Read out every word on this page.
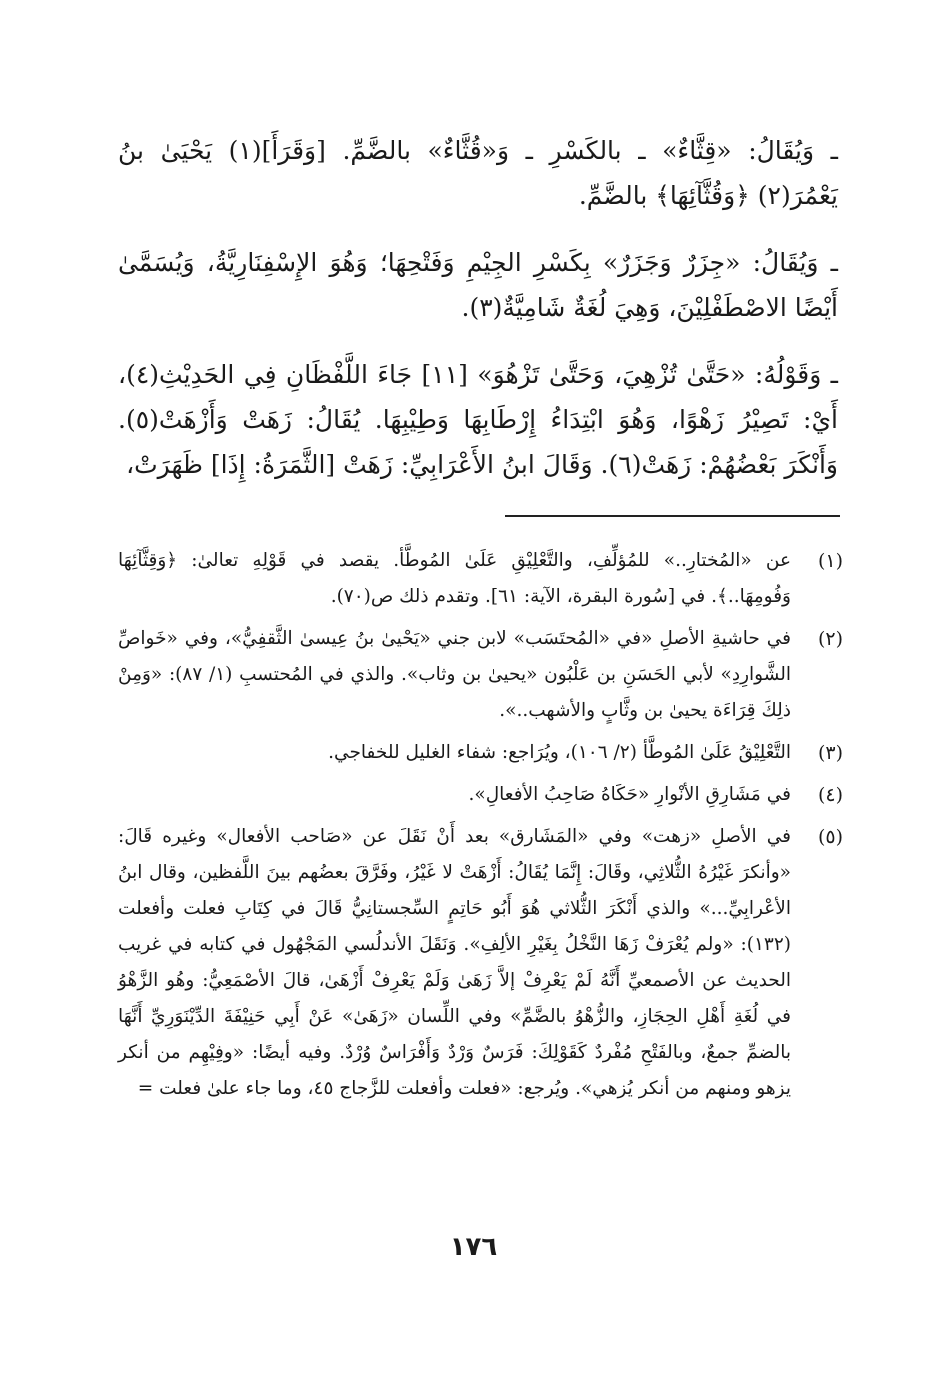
ـ وَيُقَالُ: «قِثَّاءٌ» ـ بالكَسْرِ ـ وَ«قُثَّاءٌ» بالضَّمِّ. [وَقَرَأَ](١) يَحْيَىٰ بنُ يَعْمُرَ(٢) ﴿وَقُثَّآئِهَا﴾ بالضَّمِّ.

ـ وَيُقَالُ: «جِزَرٌ وَجَزَرٌ» بِكَسْرِ الجِيْمِ وَفَتْحِهَا؛ وَهُوَ الإِسْفِنَارِيَّةُ، وَيُسَمَّىٰ أَيْضًا الاصْطَفْلِيْنَ، وَهِيَ لُغَةٌ شَامِيَّةٌ(٣).

ـ وَقَوْلُهُ: «حَتَّىٰ تُزْهِيَ، وَحَتَّىٰ تَزْهُوَ» [١١] جَاءَ اللَّفْظَانِ فِي الحَدِيْثِ(٤)، أَيْ: تَصِيْرُ زَهْوًا، وَهُوَ ابْتِدَاءُ إِرْطَابِهَا وَطِيْبِهَا. يُقَالُ: زَهَتْ وَأَزْهَتْ(٥). وَأَنْكَرَ بَعْضُهُمْ: زَهَتْ(٦). وَقَالَ ابنُ الأَعْرَابِيِّ: زَهَتْ [الثَّمَرَةُ: إِذَا] ظَهَرَتْ،

(١)
عن «المُختارِ..» للمُؤلِّفِ، والتَّعْلِيْقِ عَلَىٰ المُوطَّأ. يقصد في قَوْلِهِ تعالىٰ: ﴿وَقِثَّآئِهَا وَفُومِهَا..﴾. في [سُورة البقرة، الآية: ٦١]. وتقدم ذلك ص(٧٠).
(٢)
في حاشيةِ الأصلِ «في «المُحتَسَب» لابن جني «يَحْيىٰ بنُ عِيسىٰ الثَّقفِيُّ»، وفي «خَواصِّ الشَّوارِدِ» لأبي الحَسَنِ بن عَلْبُون «يحيىٰ بن وثاب». والذي في المُحتسبِ (١/ ٨٧): «وَمِنْ ذلِكَ قِرَاءَة يحيىٰ بن وثَّابٍ والأشهب..».
(٣)
التَّعْلِيْقُ عَلَىٰ المُوطَّأ (٢/ ١٠٦)، ويُرَاجع: شفاء الغليل للخفاجي.
(٤)
في مَشَارِقِ الأنْوارِ «حَكَاهُ صَاحِبُ الأفعالِ».
(٥)
في الأصلِ «زهت» وفي «المَشَارق» بعد أَنْ نَقَلَ عن «صَاحب الأفعال» وغيره قَالَ: «وأنكرَ غَيْرُهُ الثُّلاثِي، وقَالَ: إِنَّمَا يُقَالُ: أَزْهَتْ لا غَيْرُ، وفَرَّقَ بعضُهم بينَ اللَّفظين، وقال ابنُ الأعْرابِيِّ...» والذي أَنْكَرَ الثُّلاثي هُوَ أَبُو حَاتِمٍ السِّجستانِيُّ قَالَ في كِتَابِ فعلت وأفعلت (١٣٢): «ولم يُعْرَفْ زَهَا النَّخْلُ بِغَيْرِ الألِفِ». وَنَقَلَ الأندلُسي المَجْهُول في كتابه في غريب الحديث عن الأصمعيِّ أَنَّهُ لَمْ يَعْرِفْ إلاَّ زَهَىٰ وَلَمْ يَعْرِفْ أَزْهَىٰ، قالَ الأصْمَعِيُّ: وهُو الزَّهْوُ في لُغَةِ أَهْلِ الحِجَازِ، والزُّهْوُ بالضَّمِّ» وفي اللِّسان «زَهَىٰ» عَنْ أَبِي حَنِيْفَةَ الدِّيْنَوَرِيِّ أَنَّهَا بالضمِّ جمعٌ، وبالفَتْحِ مُفْردٌ كَقَوْلِكَ: فَرَسٌ وَرْدٌ وَأَفْرَاسٌ وُرْدٌ. وفيه أيضًا: «وفِيْهِم من أنكر يزهو ومنهم من أنكر يُزهي». ويُرجع: «فعلت وأفعلت للزَّجاج ٤٥، وما جاء علىٰ فعلت =
١٧٦
